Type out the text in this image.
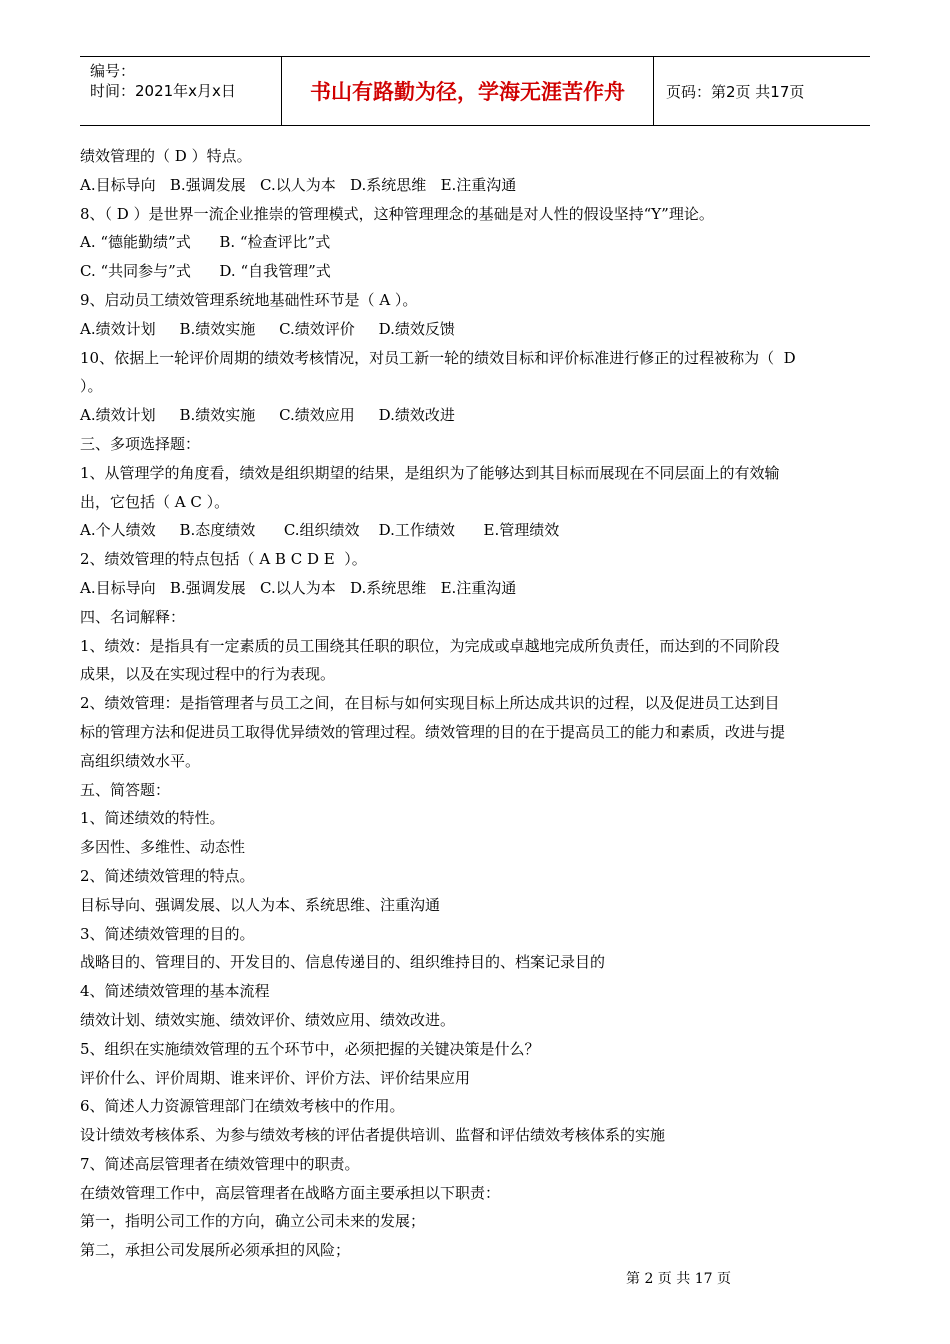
编号：
时间：2021年x月x日	书山有路勤为径，学海无涯苦作舟	页码：第2页 共17页
绩效管理的（ D ）特点。
A.目标导向   B.强调发展   C.以人为本   D.系统思维   E.注重沟通
8、（ D ）是世界一流企业推崇的管理模式，这种管理理念的基础是对人性的假设坚持“Y”理论。
A. “德能勤绩”式      B. “检查评比”式
C. “共同参与”式      D. “自我管理”式
9、启动员工绩效管理系统地基础性环节是（ A ）。
A.绩效计划     B.绩效实施     C.绩效评价     D.绩效反馈
10、依据上一轮评价周期的绩效考核情况，对员工新一轮的绩效目标和评价标准进行修正的过程被称为（  D
）。
A.绩效计划     B.绩效实施     C.绩效应用     D.绩效改进
三、多项选择题：
1、从管理学的角度看，绩效是组织期望的结果，是组织为了能够达到其目标而展现在不同层面上的有效输
出，它包括（ A C ）。
A.个人绩效     B.态度绩效      C.组织绩效    D.工作绩效      E.管理绩效
2、绩效管理的特点包括（ A B C D E  ）。
A.目标导向   B.强调发展   C.以人为本   D.系统思维   E.注重沟通
四、名词解释：
1、绩效：是指具有一定素质的员工围绕其任职的职位，为完成或卓越地完成所负责任，而达到的不同阶段
成果，以及在实现过程中的行为表现。
2、绩效管理：是指管理者与员工之间，在目标与如何实现目标上所达成共识的过程，以及促进员工达到目
标的管理方法和促进员工取得优异绩效的管理过程。绩效管理的目的在于提高员工的能力和素质，改进与提
高组织绩效水平。
五、简答题：
1、简述绩效的特性。
多因性、多维性、动态性
2、简述绩效管理的特点。
目标导向、强调发展、以人为本、系统思维、注重沟通
3、简述绩效管理的目的。
战略目的、管理目的、开发目的、信息传递目的、组织维持目的、档案记录目的
4、简述绩效管理的基本流程
绩效计划、绩效实施、绩效评价、绩效应用、绩效改进。
5、组织在实施绩效管理的五个环节中，必须把握的关键决策是什么？
评价什么、评价周期、谁来评价、评价方法、评价结果应用
6、简述人力资源管理部门在绩效考核中的作用。
设计绩效考核体系、为参与绩效考核的评估者提供培训、监督和评估绩效考核体系的实施
7、简述高层管理者在绩效管理中的职责。
在绩效管理工作中，高层管理者在战略方面主要承担以下职责：
第一，指明公司工作的方向，确立公司未来的发展；
第二，承担公司发展所必须承担的风险；
第 2 页 共 17 页
